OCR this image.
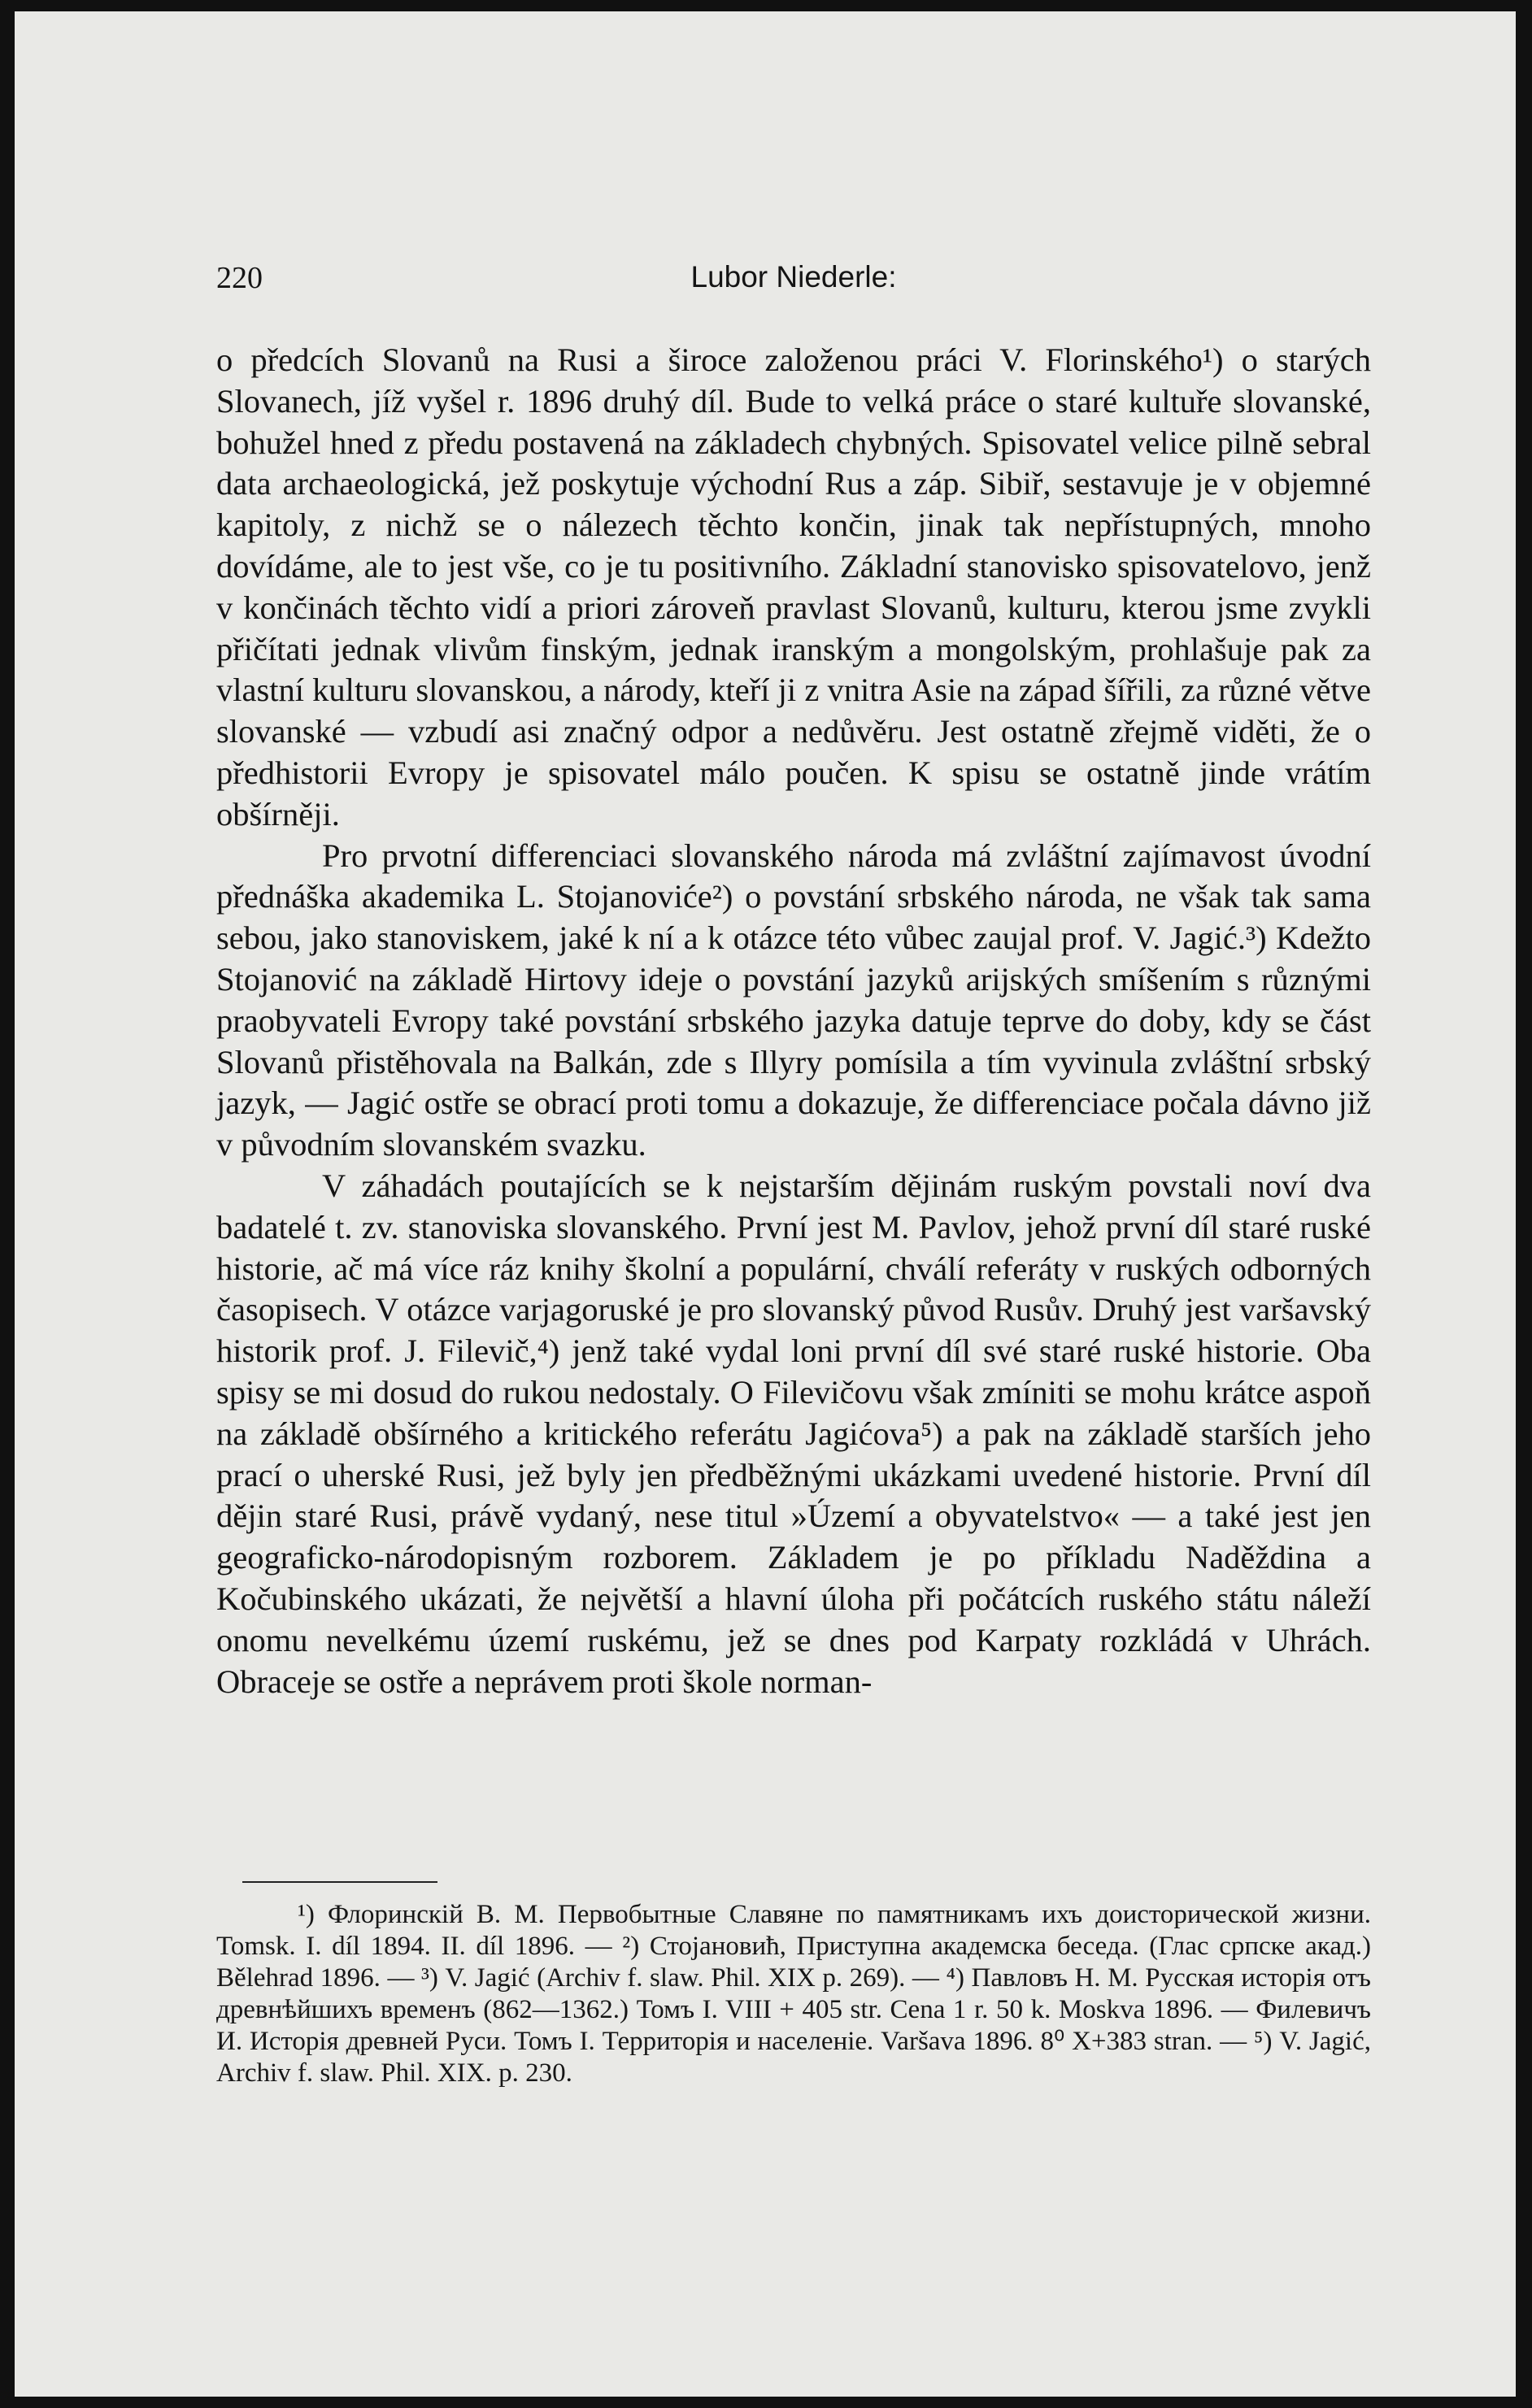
220	Lubor Niederle:

o předcích Slovanů na Rusi a široce založenou práci V. Florinského¹) o starých Slovanech, jíž vyšel r. 1896 druhý díl. Bude to velká práce o staré kultuře slovanské, bohužel hned z předu postavená na základech chybných. Spisovatel velice pilně sebral data archaeologická, jež poskytuje východní Rus a záp. Sibiř, sestavuje je v objemné kapitoly, z nichž se o nálezech těchto končin, jinak tak nepřístupných, mnoho dovídáme, ale to jest vše, co je tu positivního. Základní stanovisko spisovatelovo, jenž v končinách těchto vidí a priori zároveň pravlast Slovanů, kulturu, kterou jsme zvykli přičítati jednak vlivům finským, jednak iranským a mongolským, prohlašuje pak za vlastní kulturu slovanskou, a národy, kteří ji z vnitra Asie na západ šířili, za různé větve slovanské — vzbudí asi značný odpor a nedůvěru. Jest ostatně zřejmě viděti, že o předhistorii Evropy je spisovatel málo poučen. K spisu se ostatně jinde vrátím obšírněji.

Pro prvotní differenciaci slovanského národa má zvláštní zajímavost úvodní přednáška akademika L. Stojanoviće²) o povstání srbského národa, ne však tak sama sebou, jako stanoviskem, jaké k ní a k otázce této vůbec zaujal prof. V. Jagić.³) Kdežto Stojanović na základě Hirtovy ideje o povstání jazyků arijských smíšením s různými praobyvateli Evropy také povstání srbského jazyka datuje teprve do doby, kdy se část Slovanů přistěhovala na Balkán, zde s Illyry pomísila a tím vyvinula zvláštní srbský jazyk, — Jagić ostře se obrací proti tomu a dokazuje, že differenciace počala dávno již v původním slovanském svazku.

V záhadách poutajících se k nejstarším dějinám ruským povstali noví dva badatelé t. zv. stanoviska slovanského. První jest M. Pavlov, jehož první díl staré ruské historie, ač má více ráz knihy školní a populární, chválí referáty v ruských odborných časopisech. V otázce varjagoruské je pro slovanský původ Rusův. Druhý jest varšavský historik prof. J. Filevič,⁴) jenž také vydal loni první díl své staré ruské historie. Oba spisy se mi dosud do rukou nedostaly. O Filevičovu však zmíniti se mohu krátce aspoň na základě obšírného a kritického referátu Jagićova⁵) a pak na základě starších jeho prací o uherské Rusi, jež byly jen předběžnými ukázkami uvedené historie. První díl dějin staré Rusi, právě vydaný, nese titul »Území a obyvatelstvo« — a také jest jen geograficko-národopisným rozborem. Základem je po příkladu Naděždina a Kočubinského ukázati, že největší a hlavní úloha při počátcích ruského státu náleží onomu nevelkému území ruskému, jež se dnes pod Karpaty rozkládá v Uhrách. Obraceje se ostře a neprávem proti škole norman-

¹) Флоринскій В. М. Первобытные Славяне по памятникамъ ихъ доисторической жизни. Tomsk. I. díl 1894. II. díl 1896. — ²) Стојановић, Приступна академска беседа. (Глас српске акад.) Bělehrad 1896. — ³) V. Jagić (Archiv f. slaw. Phil. XIX p. 269). — ⁴) Павловъ Н. М. Русская исторія отъ древнѣйшихъ временъ (862—1362.) Томъ I. VIII + 405 str. Cena 1 r. 50 k. Moskva 1896. — Филевичъ И. Исторія древней Руси. Томъ I. Территорія и населеніе. Varšava 1896. 8⁰ X+383 stran. — ⁵) V. Jagić, Archiv f. slaw. Phil. XIX. p. 230.
